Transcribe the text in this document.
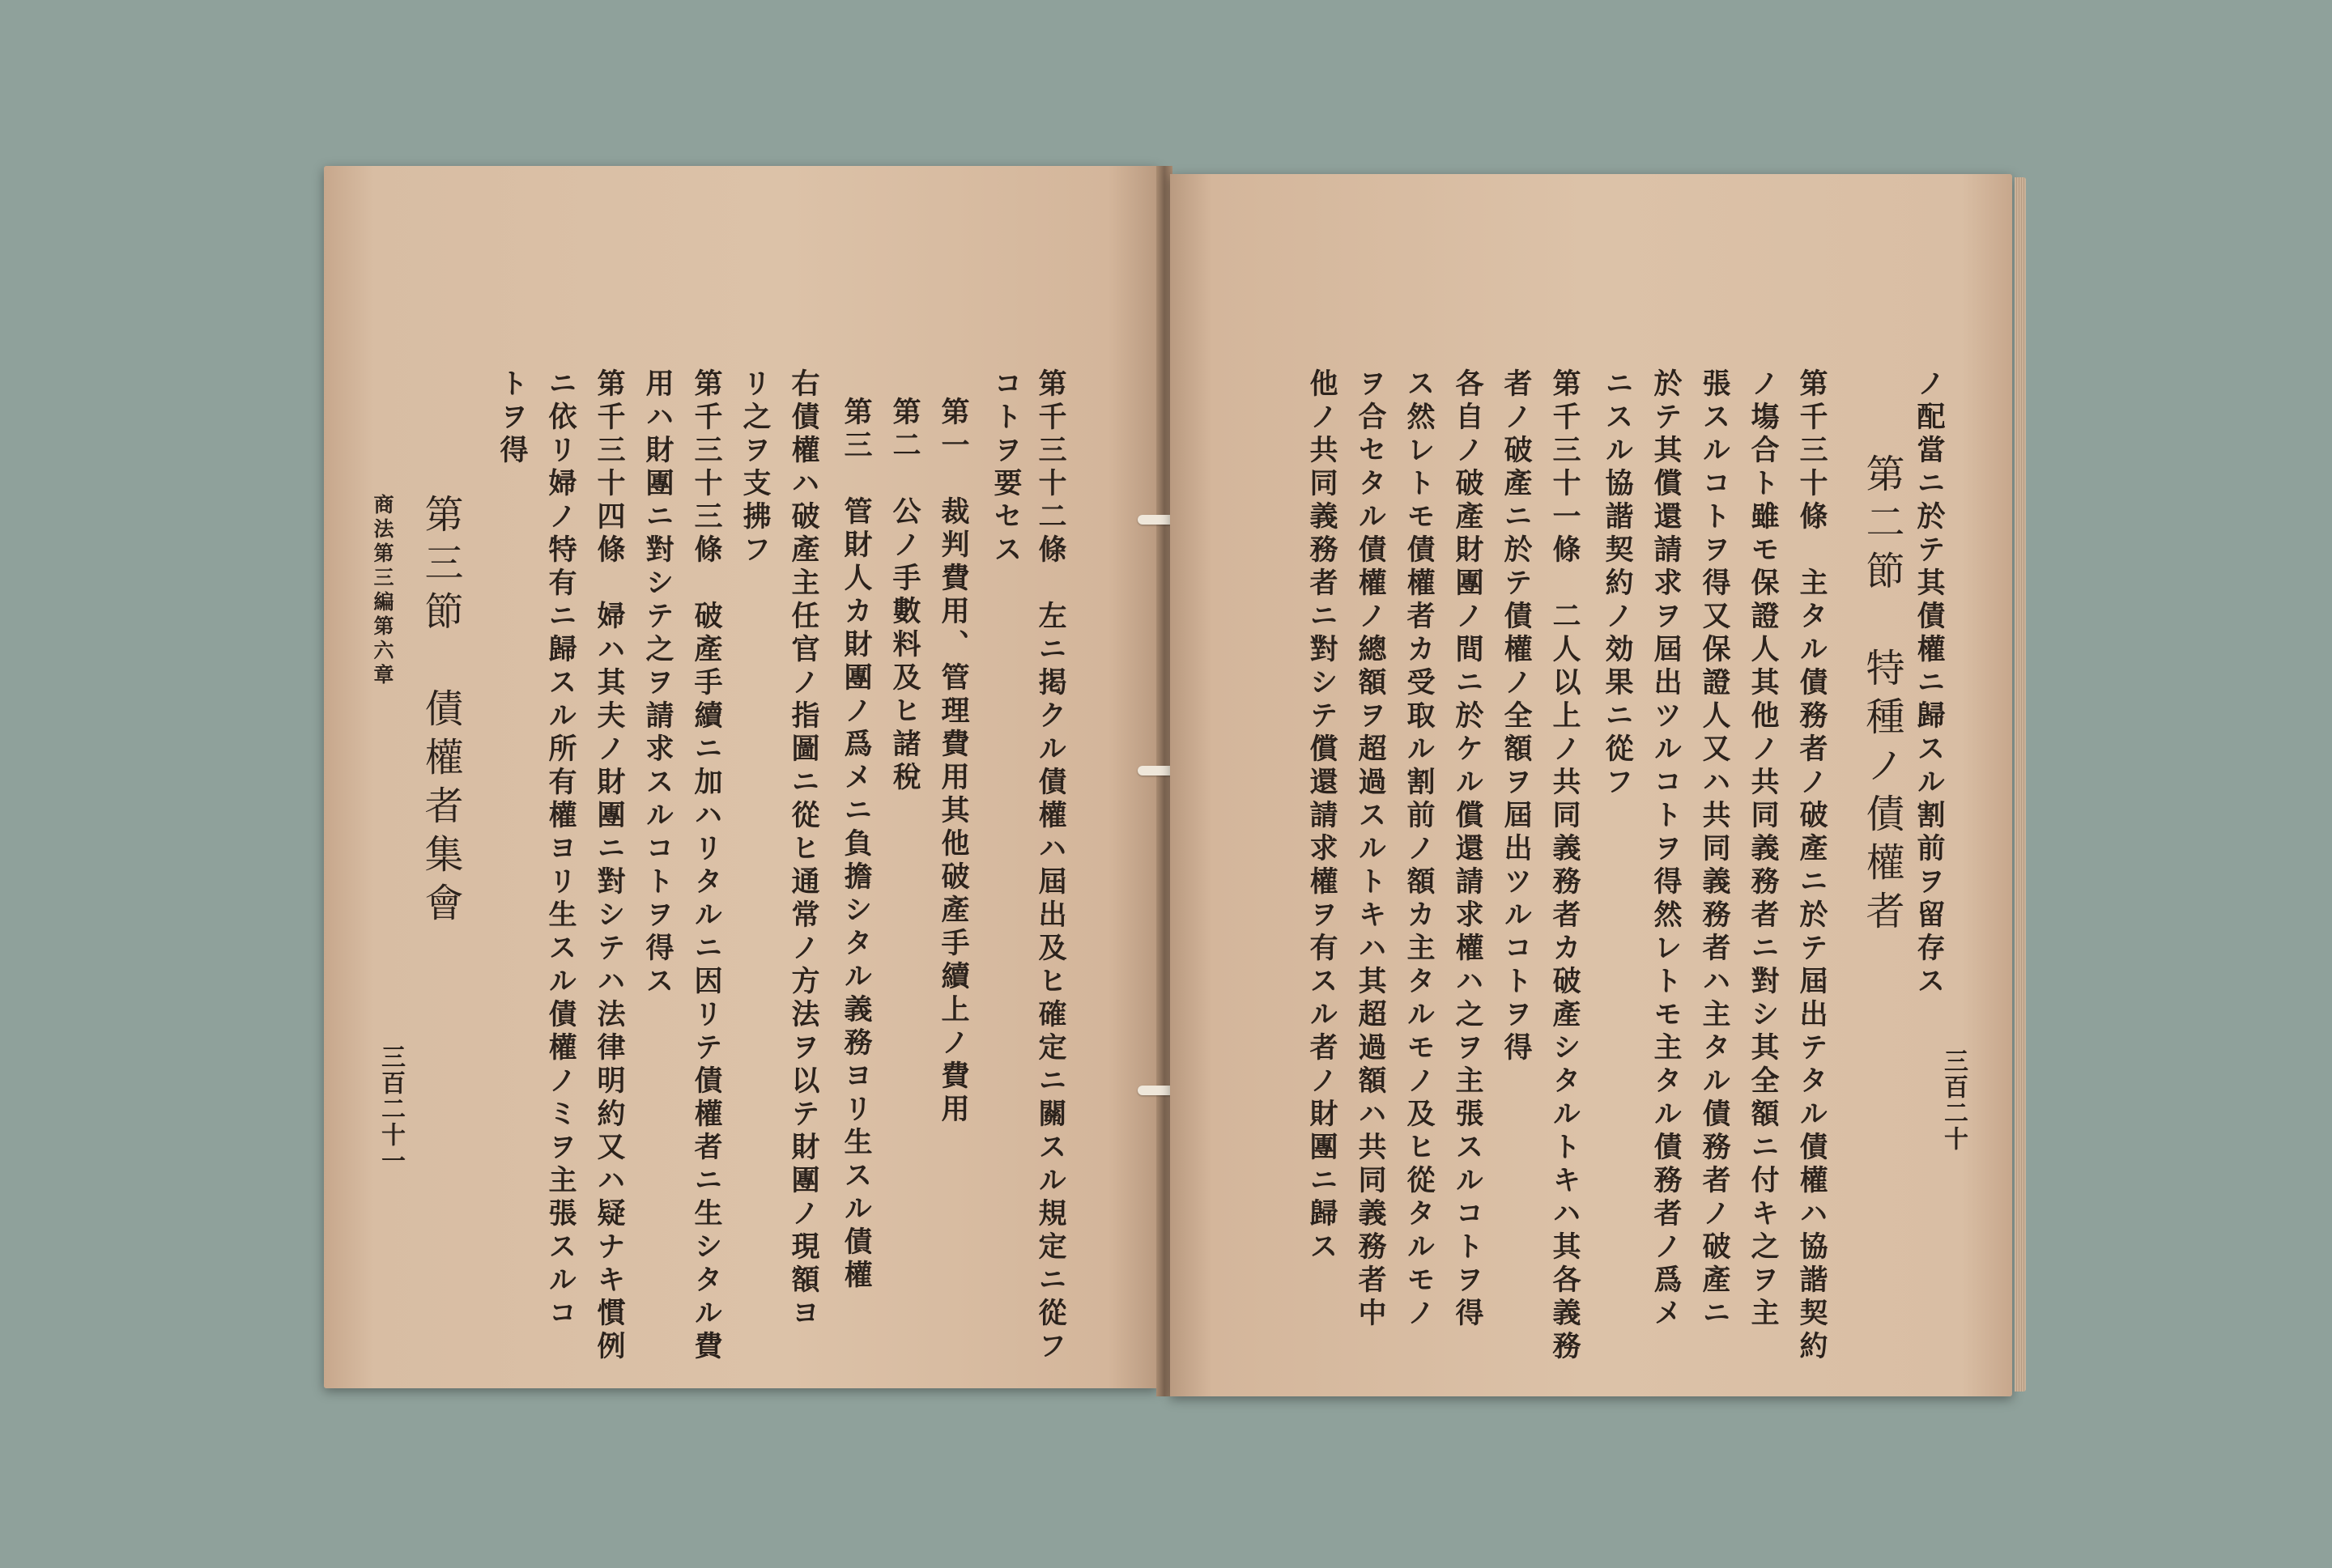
第千三十二條　左ニ掲クル債權ハ屆出及ヒ確定ニ關スル規定ニ從フ
コトヲ要セス
第一　裁判費用、管理費用其他破產手續上ノ費用
第二　公ノ手數料及ヒ諸稅
第三　管財人カ財團ノ爲メニ負擔シタル義務ヨリ生スル債權
右債權ハ破產主任官ノ指圖ニ從ヒ通常ノ方法ヲ以テ財團ノ現額ヨ
リ之ヲ支拂フ
第千三十三條　破產手續ニ加ハリタルニ因リテ債權者ニ生シタル費
用ハ財團ニ對シテ之ヲ請求スルコトヲ得ス
第千三十四條　婦ハ其夫ノ財團ニ對シテハ法律明約又ハ疑ナキ慣例
ニ依リ婦ノ特有ニ歸スル所有權ヨリ生スル債權ノミヲ主張スルコ
トヲ得
第三節　債權者集會
商法第三編第六章
三百二十一
ノ配當ニ於テ其債權ニ歸スル割前ヲ留存ス
第二節　特種ノ債權者
第千三十條　主タル債務者ノ破產ニ於テ屆出テタル債權ハ協諧契約
ノ塲合ト雖モ保證人其他ノ共同義務者ニ對シ其全額ニ付キ之ヲ主
張スルコトヲ得又保證人又ハ共同義務者ハ主タル債務者ノ破產ニ
於テ其償還請求ヲ屆出ツルコトヲ得然レトモ主タル債務者ノ爲メ
ニスル協諧契約ノ効果ニ從フ
第千三十一條　二人以上ノ共同義務者カ破產シタルトキハ其各義務
者ノ破產ニ於テ債權ノ全額ヲ屆出ツルコトヲ得
各自ノ破產財團ノ間ニ於ケル償還請求權ハ之ヲ主張スルコトヲ得
ス然レトモ債權者カ受取ル割前ノ額カ主タルモノ及ヒ從タルモノ
ヲ合セタル債權ノ總額ヲ超過スルトキハ其超過額ハ共同義務者中
他ノ共同義務者ニ對シテ償還請求權ヲ有スル者ノ財團ニ歸ス	三百二十
